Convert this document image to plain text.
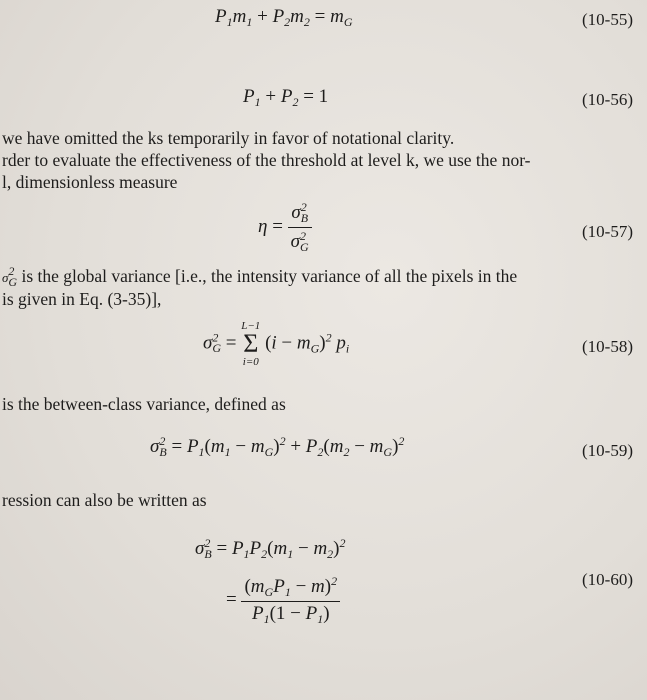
$P_1m_1 + P_2m_2 = m_G$	(10-55)
$P_1 + P_2 = 1$	(10-56)
we have omitted the ks temporarily in favor of notational clarity.
rder to evaluate the effectiveness of the threshold at level k, we use the nor-
l, dimensionless measure
$\eta = \frac{\sigma^2_B}{\sigma^2_G}$	(10-57)
$\sigma^2_G$ is the global variance [i.e., the intensity variance of all the pixels in the
is given in Eq. (3-35)],
$\sigma^2_G$ =
L−1
Σ
i=0
$(i - m_G)^2$ $p_i$	(10-58)
is the between-class variance, defined as
$\sigma^2_B = P_1(m_1 - m_G)^2 + P_2(m_2 - m_G)^2$	(10-59)
ression can also be written as
$\sigma^2_B = P_1P_2(m_1 - m_2)^2$
= $\frac{(m_GP_1 - m)^2}{P_1(1 - P_1)}$	(10-60)
